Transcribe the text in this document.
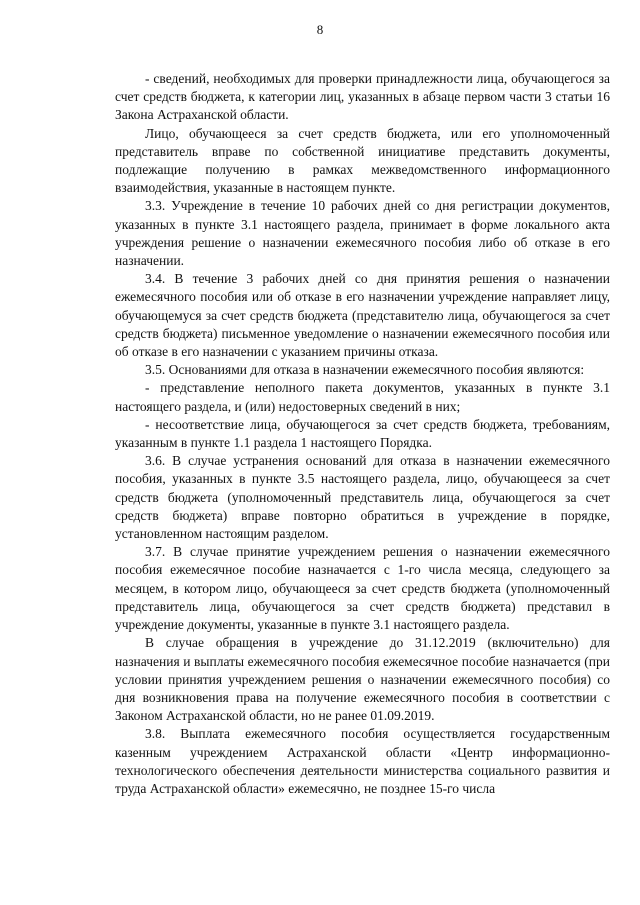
8

- сведений, необходимых для проверки принадлежности лица, обучающегося за счет средств бюджета, к категории лиц, указанных в абзаце первом части 3 статьи 16 Закона Астраханской области.

Лицо, обучающееся за счет средств бюджета, или его уполномоченный представитель вправе по собственной инициативе представить документы, подлежащие получению в рамках межведомственного информационного взаимодействия, указанные в настоящем пункте.

3.3. Учреждение в течение 10 рабочих дней со дня регистрации документов, указанных в пункте 3.1 настоящего раздела, принимает в форме локального акта учреждения решение о назначении ежемесячного пособия либо об отказе в его назначении.

3.4. В течение 3 рабочих дней со дня принятия решения о назначении ежемесячного пособия или об отказе в его назначении учреждение направляет лицу, обучающемуся за счет средств бюджета (представителю лица, обучающегося за счет средств бюджета) письменное уведомление о назначении ежемесячного пособия или об отказе в его назначении с указанием причины отказа.

3.5. Основаниями для отказа в назначении ежемесячного пособия являются:

- представление неполного пакета документов, указанных в пункте 3.1 настоящего раздела, и (или) недостоверных сведений в них;

- несоответствие лица, обучающегося за счет средств бюджета, требованиям, указанным в пункте 1.1 раздела 1 настоящего Порядка.

3.6. В случае устранения оснований для отказа в назначении ежемесячного пособия, указанных в пункте 3.5 настоящего раздела, лицо, обучающееся за счет средств бюджета (уполномоченный представитель лица, обучающегося за счет средств бюджета) вправе повторно обратиться в учреждение в порядке, установленном настоящим разделом.

3.7. В случае принятие учреждением решения о назначении ежемесячного пособия ежемесячное пособие назначается с 1-го числа месяца, следующего за месяцем, в котором лицо, обучающееся за счет средств бюджета (уполномоченный представитель лица, обучающегося за счет средств бюджета) представил в учреждение документы, указанные в пункте 3.1 настоящего раздела.

В случае обращения в учреждение до 31.12.2019 (включительно) для назначения и выплаты ежемесячного пособия ежемесячное пособие назначается (при условии принятия учреждением решения о назначении ежемесячного пособия) со дня возникновения права на получение ежемесячного пособия в соответствии с Законом Астраханской области, но не ранее 01.09.2019.

3.8. Выплата ежемесячного пособия осуществляется государственным казенным учреждением Астраханской области «Центр информационно-технологического обеспечения деятельности министерства социального развития и труда Астраханской области» ежемесячно, не позднее 15-го числа
